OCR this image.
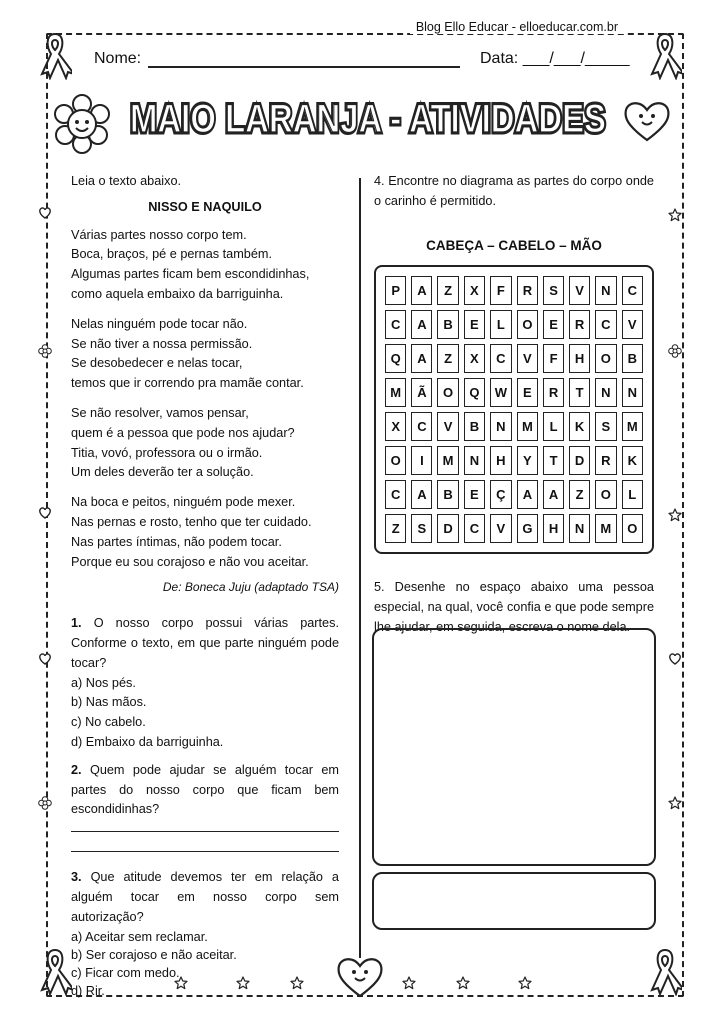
Blog Ello Educar - elloeducar.com.br
Nome:	Data: ___/___/_____
MAIO LARANJA - ATIVIDADES
MAIO LARANJA - ATIVIDADES

Leia o texto abaixo.

NISSO E NAQUILO

Várias partes nosso corpo tem.

Boca, braços, pé e pernas também.

Algumas partes ficam bem escondidinhas,

como aquela embaixo da barriguinha.

Nelas ninguém pode tocar não.

Se não tiver a nossa permissão.

Se desobedecer e nelas tocar,

temos que ir correndo pra mamãe contar.

Se não resolver, vamos pensar,

quem é a pessoa que pode nos ajudar?

Titia, vovó, professora ou o irmão.

Um deles deverão ter a solução.

Na boca e peitos, ninguém pode mexer.

Nas pernas e rosto, tenho que ter cuidado.

Nas partes íntimas, não podem tocar.

Porque eu sou corajoso e não vou aceitar.

De: Boneca Juju (adaptado TSA)

1. O nosso corpo possui várias partes. Conforme o texto, em que parte ninguém pode tocar?

a) Nos pés.

b) Nas mãos.

c) No cabelo.

d) Embaixo da barriguinha.

2. Quem pode ajudar se alguém tocar em partes do nosso corpo que ficam bem escondidinhas?

3. Que atitude devemos ter em relação a alguém tocar em nosso corpo sem autorização?

a) Aceitar sem reclamar.

b) Ser corajoso e não aceitar.

c) Ficar com medo.

d) Rir.

4. Encontre no diagrama as partes do corpo onde o carinho é permitido.

CABEÇA – CABELO – MÃO

P	A	Z	X	F	R	S	V	N	C
C	A	B	E	L	O	E	R	C	V
Q	A	Z	X	C	V	F	H	O	B
M	Ã	O	Q	W	E	R	T	N	N
X	C	V	B	N	M	L	K	S	M
O	I	M	N	H	Y	T	D	R	K
C	A	B	E	Ç	A	A	Z	O	L
Z	S	D	C	V	G	H	N	M	O

5. Desenhe no espaço abaixo uma pessoa especial, na qual, você confia e que pode sempre lhe ajudar, em seguida, escreva o nome dela.
